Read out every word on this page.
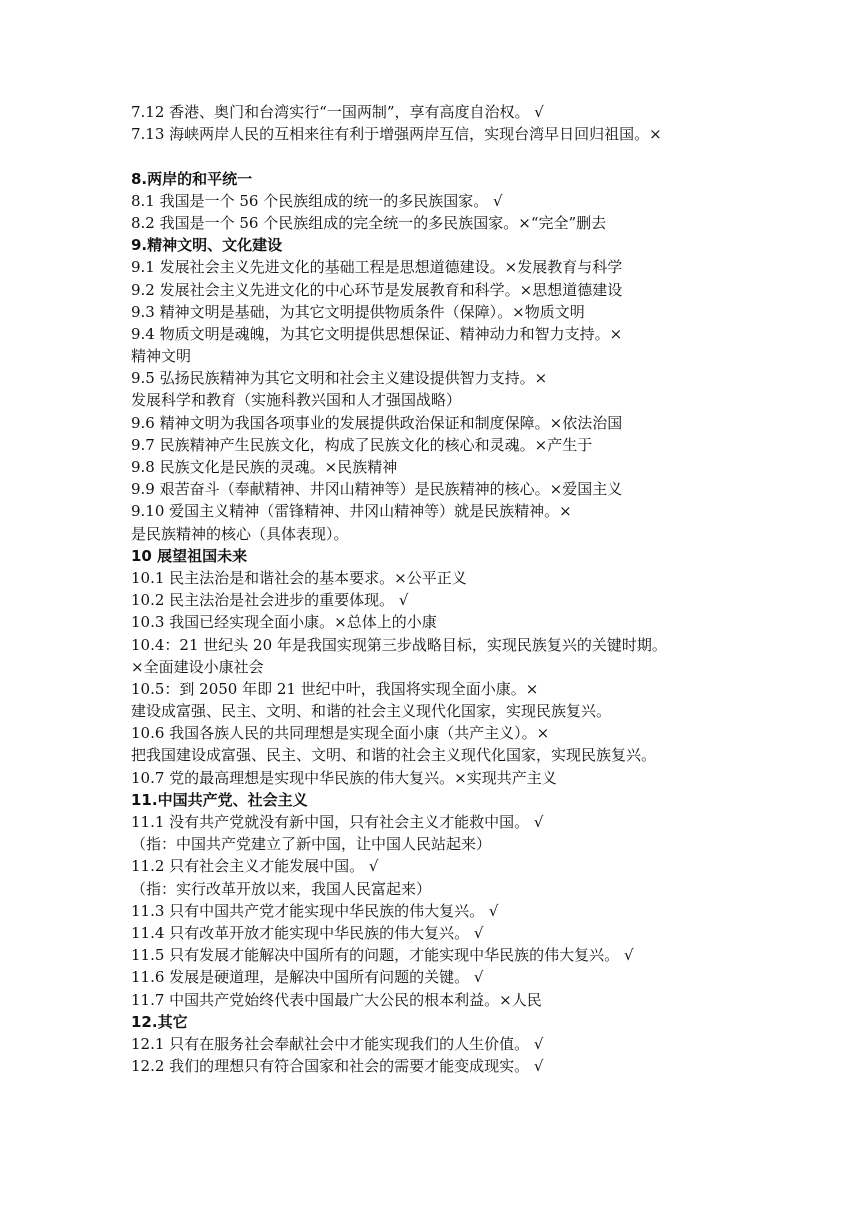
7.12 香港、奥门和台湾实行“一国两制”，享有高度自治权。 √
7.13 海峡两岸人民的互相来往有利于增强两岸互信，实现台湾早日回归祖国。×
8.两岸的和平统一
8.1 我国是一个 56 个民族组成的统一的多民族国家。 √
8.2 我国是一个 56 个民族组成的完全统一的多民族国家。×“完全”删去
9.精神文明、文化建设
9.1 发展社会主义先进文化的基础工程是思想道德建设。×发展教育与科学
9.2 发展社会主义先进文化的中心环节是发展教育和科学。×思想道德建设
9.3 精神文明是基础，为其它文明提供物质条件（保障）。×物质文明
9.4 物质文明是魂魄，为其它文明提供思想保证、精神动力和智力支持。×
精神文明
9.5 弘扬民族精神为其它文明和社会主义建设提供智力支持。×
发展科学和教育（实施科教兴国和人才强国战略）
9.6 精神文明为我国各项事业的发展提供政治保证和制度保障。×依法治国
9.7 民族精神产生民族文化，构成了民族文化的核心和灵魂。×产生于
9.8 民族文化是民族的灵魂。×民族精神
9.9 艰苦奋斗（奉献精神、井冈山精神等）是民族精神的核心。×爱国主义
9.10 爱国主义精神（雷锋精神、井冈山精神等）就是民族精神。×
是民族精神的核心（具体表现）。
10 展望祖国未来
10.1 民主法治是和谐社会的基本要求。×公平正义
10.2 民主法治是社会进步的重要体现。 √
10.3 我国已经实现全面小康。×总体上的小康
10.4：21 世纪头 20 年是我国实现第三步战略目标，实现民族复兴的关键时期。
×全面建设小康社会
10.5：到 2050 年即 21 世纪中叶，我国将实现全面小康。×
建设成富强、民主、文明、和谐的社会主义现代化国家，实现民族复兴。
10.6 我国各族人民的共同理想是实现全面小康（共产主义）。×
把我国建设成富强、民主、文明、和谐的社会主义现代化国家，实现民族复兴。
10.7 党的最高理想是实现中华民族的伟大复兴。×实现共产主义
11.中国共产党、社会主义
11.1 没有共产党就没有新中国，只有社会主义才能救中国。 √
（指：中国共产党建立了新中国，让中国人民站起来）
11.2 只有社会主义才能发展中国。 √
（指：实行改革开放以来，我国人民富起来）
11.3 只有中国共产党才能实现中华民族的伟大复兴。 √
11.4 只有改革开放才能实现中华民族的伟大复兴。 √
11.5 只有发展才能解决中国所有的问题，才能实现中华民族的伟大复兴。 √
11.6 发展是硬道理，是解决中国所有问题的关键。 √
11.7 中国共产党始终代表中国最广大公民的根本利益。×人民
12.其它
12.1 只有在服务社会奉献社会中才能实现我们的人生价值。 √
12.2 我们的理想只有符合国家和社会的需要才能变成现实。 √
